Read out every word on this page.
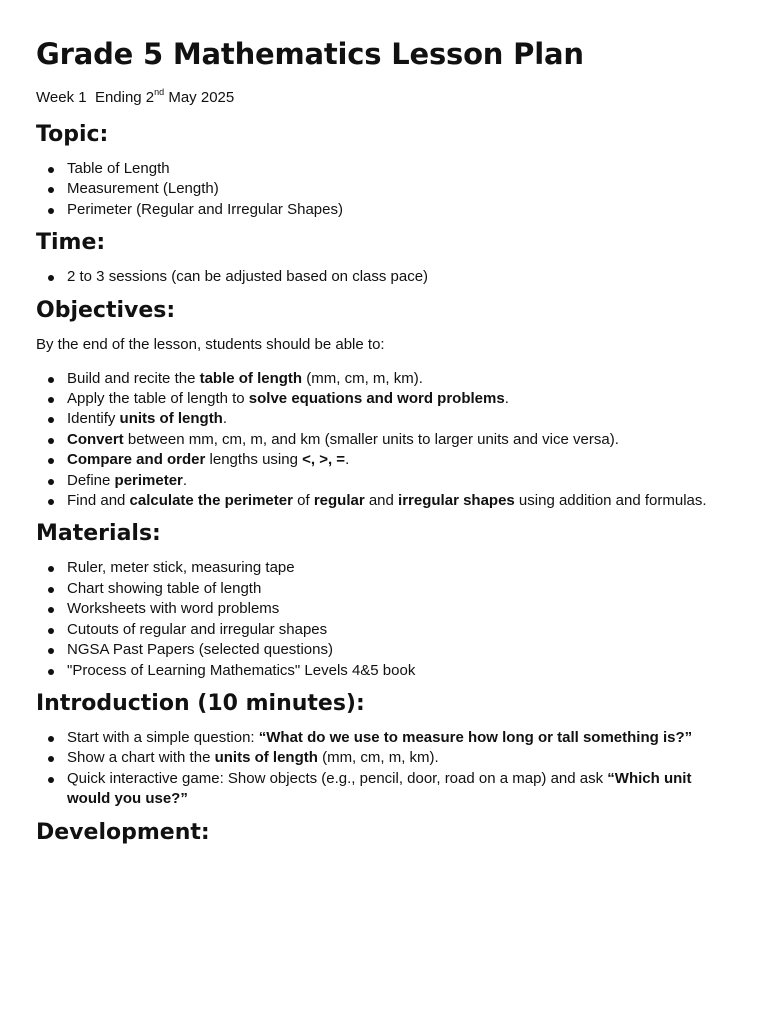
Grade 5 Mathematics Lesson Plan
Week 1 Ending 2nd May 2025
Topic:
Table of Length
Measurement (Length)
Perimeter (Regular and Irregular Shapes)
Time:
2 to 3 sessions (can be adjusted based on class pace)
Objectives:

By the end of the lesson, students should be able to:

Build and recite the table of length (mm, cm, m, km).
Apply the table of length to solve equations and word problems.
Identify units of length.
Convert between mm, cm, m, and km (smaller units to larger units and vice versa).
Compare and order lengths using <, >, =.
Define perimeter.
Find and calculate the perimeter of regular and irregular shapes using addition and formulas.
Materials:
Ruler, meter stick, measuring tape
Chart showing table of length
Worksheets with word problems
Cutouts of regular and irregular shapes
NGSA Past Papers (selected questions)
"Process of Learning Mathematics" Levels 4&5 book
Introduction (10 minutes):
Start with a simple question: “What do we use to measure how long or tall something is?”
Show a chart with the units of length (mm, cm, m, km).
Quick interactive game: Show objects (e.g., pencil, door, road on a map) and ask “Which unit would you use?”
Development:
